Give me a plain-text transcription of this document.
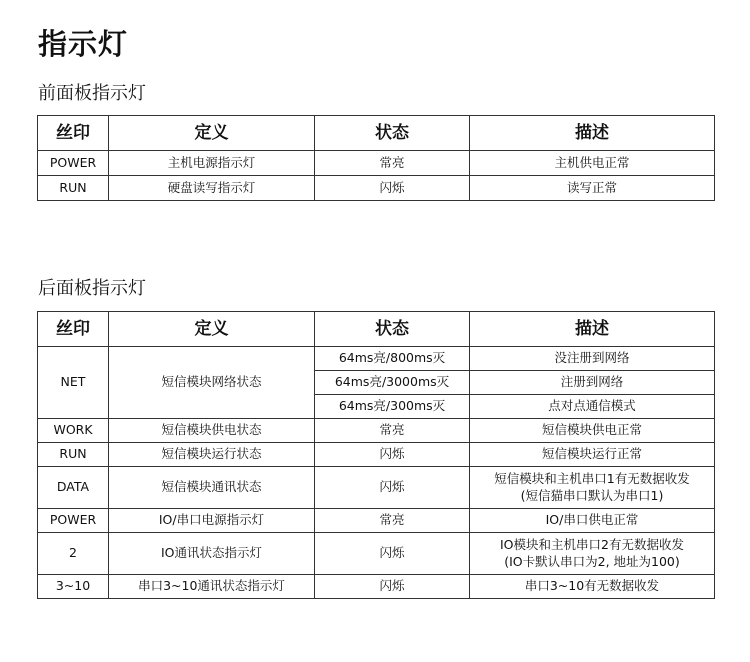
指示灯
前面板指示灯
丝印	定义	状态	描述
POWER	主机电源指示灯	常亮	主机供电正常
RUN	硬盘读写指示灯	闪烁	读写正常
后面板指示灯
丝印	定义	状态	描述
NET	短信模块网络状态	64ms亮/800ms灭	没注册到网络
		64ms亮/3000ms灭	注册到网络
		64ms亮/300ms灭	点对点通信模式
WORK	短信模块供电状态	常亮	短信模块供电正常
RUN	短信模块运行状态	闪烁	短信模块运行正常
DATA	短信模块通讯状态	闪烁	短信模块和主机串口1有无数据收发
(短信猫串口默认为串口1)

POWER	IO/串口电源指示灯	常亮	IO/串口供电正常
2	IO通讯状态指示灯	闪烁	IO模块和主机串口2有无数据收发
(IO卡默认串口为2, 地址为100)

3~10	串口3~10通讯状态指示灯	闪烁	串口3~10有无数据收发
